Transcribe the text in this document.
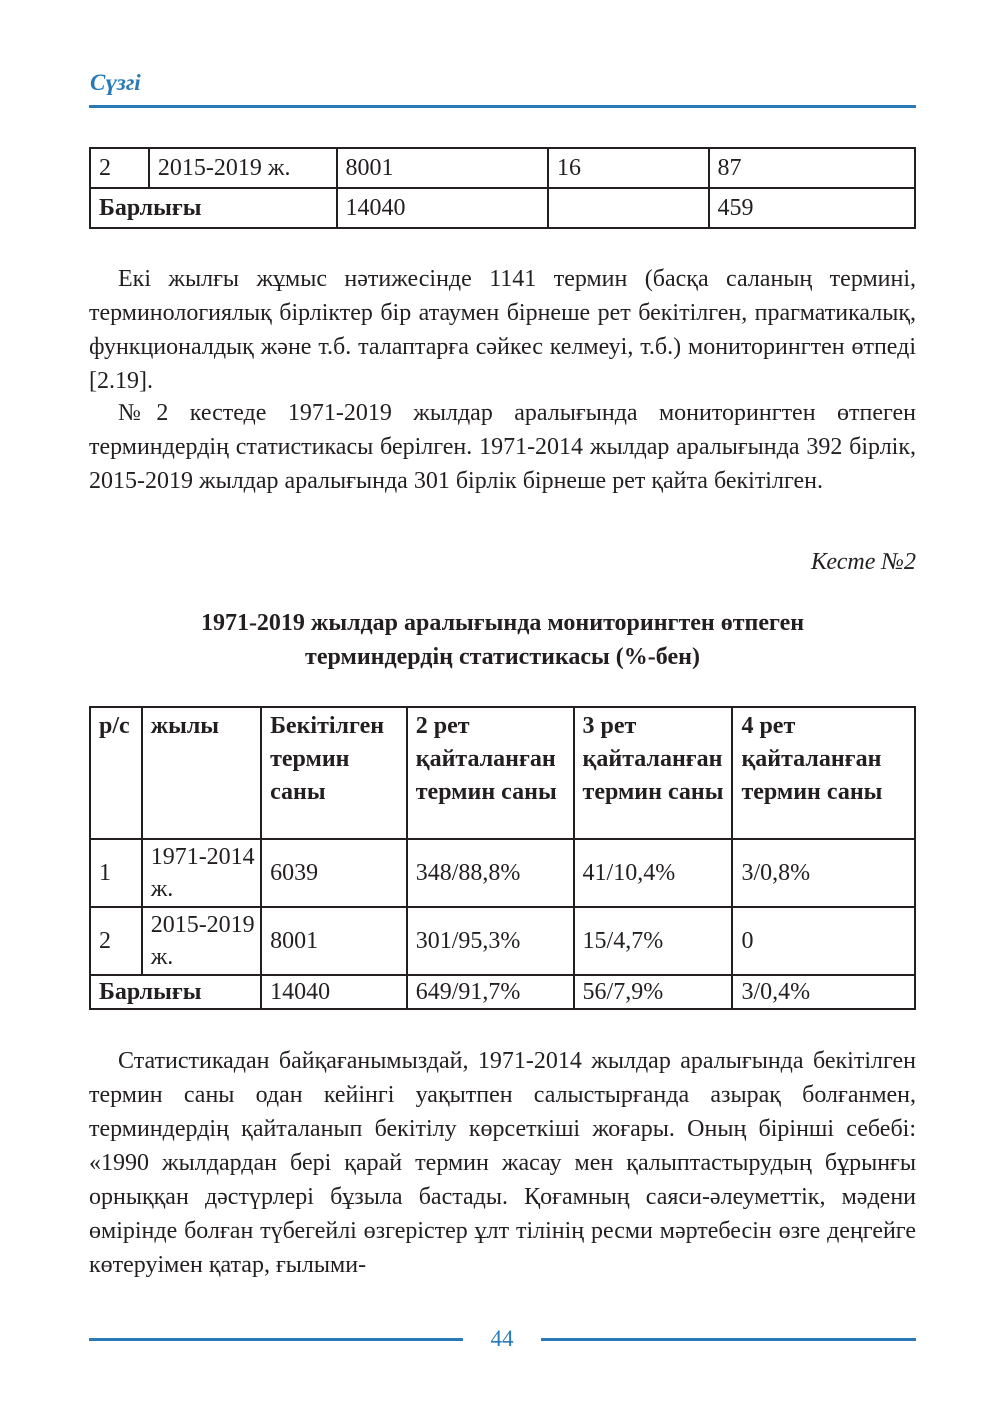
Сүзгі
2	2015-2019 ж.	8001	16	87
Барлығы		14040		459

Екі жылғы жұмыс нәтижесінде 1141 термин (басқа саланың термині, терминологиялық бірліктер бір атаумен бірнеше рет бекітілген, прагматикалық, функционалдық және т.б. талаптарға сәйкес келмеуі, т.б.) мониторингтен өтпеді [2.19].

№2 кестеде 1971-2019 жылдар аралығында мониторингтен өтпеген терминдердің статистикасы берілген. 1971-2014 жылдар аралығында 392 бірлік, 2015-2019 жылдар аралығында 301 бірлік бірнеше рет қайта бекітілген.

Кесте №2

1971-2019 жылдар аралығында мониторингтен өтпеген
терминдердің статистикасы (%-бен)

р/с	жылы	Бекітілген термин саны	2 рет қайталанған термин саны	3 рет қайталанған термин саны	4 рет қайталанған термин саны
1	1971-2014 ж.	6039	348/88,8%	41/10,4%	3/0,8%
2	2015-2019 ж.	8001	301/95,3%	15/4,7%	0
Барлығы		14040	649/91,7%	56/7,9%	3/0,4%

Статистикадан байқағанымыздай, 1971-2014 жылдар аралығында бекітілген термин саны одан кейінгі уақытпен салыстырғанда азырақ болғанмен, терминдердің қайталанып бекітілу көрсеткіші жоғары. Оның бірінші себебі: «1990 жылдардан бері қарай термин жасау мен қалыптастырудың бұрынғы орныққан дәстүрлері бұзыла бастады. Қоғамның саяси-әлеуметтік, мәдени өмірінде болған түбегейлі өзгерістер ұлт тілінің ресми мәртебесін өзге деңгейге көтеруімен қатар, ғылыми-

44
